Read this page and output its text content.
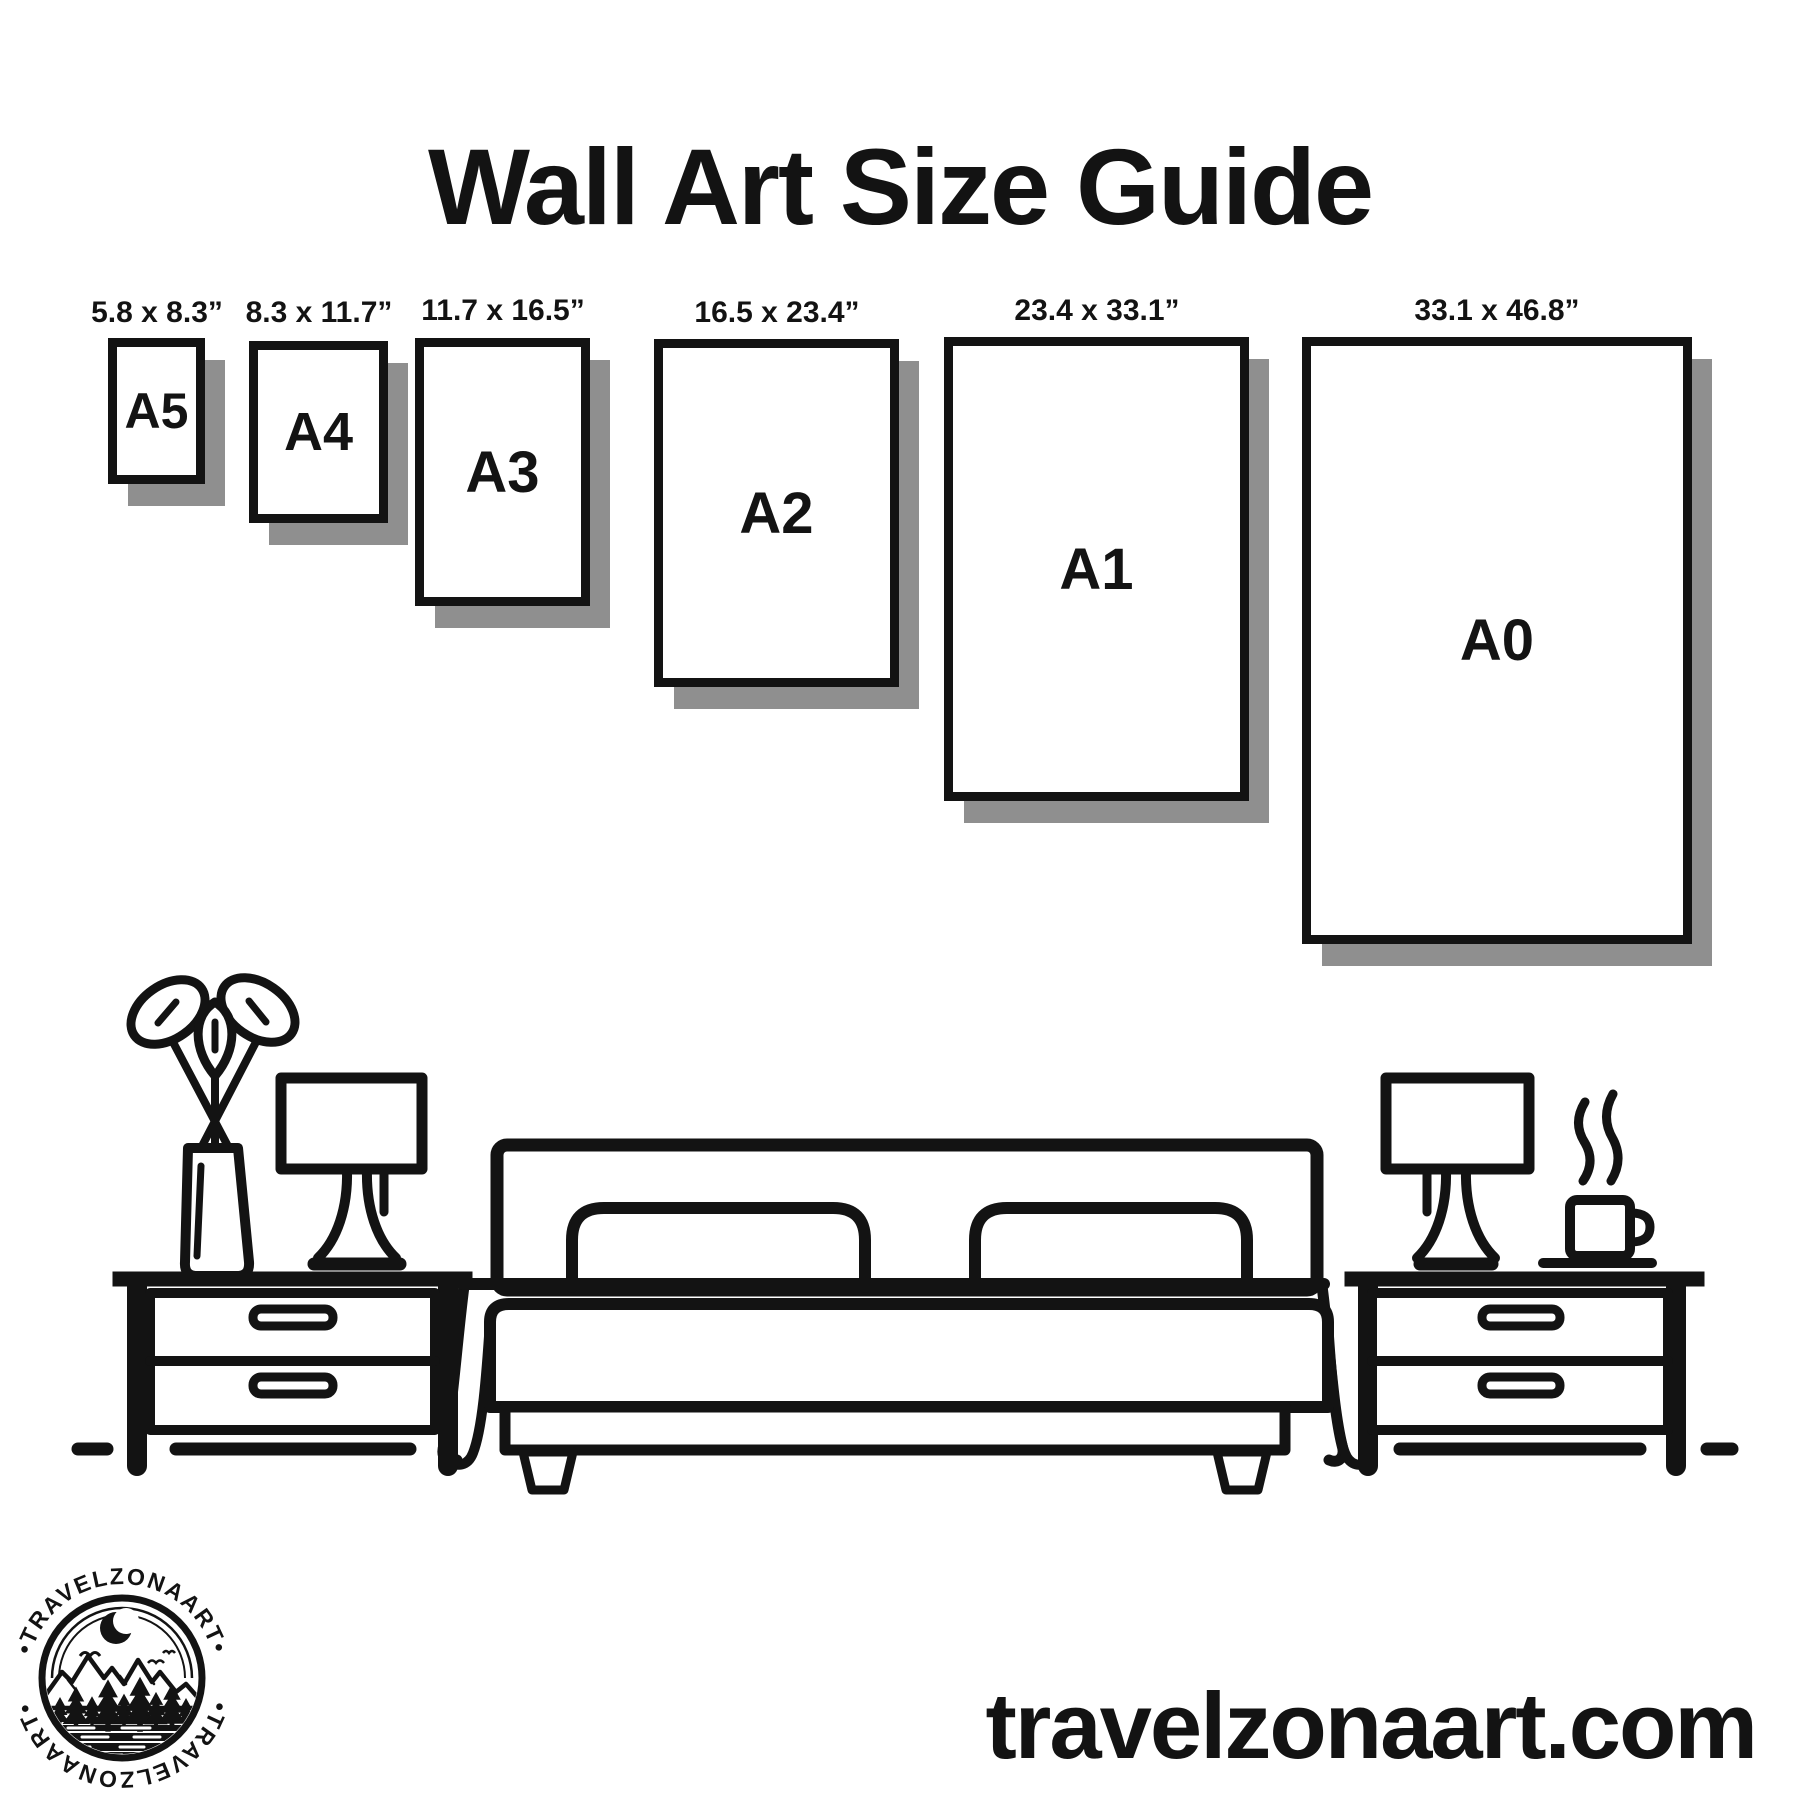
Wall Art Size Guide
5.8 x 8.3” 8.3 x 11.7” 11.7 x 16.5”	16.5 x 23.4”	23.4 x 33.1”	33.1 x 46.8”
A5 A4
A3
A2
A1
A0
•TRAVELZONAART•
•TRAVELZONAART•	travelzonaart.com
